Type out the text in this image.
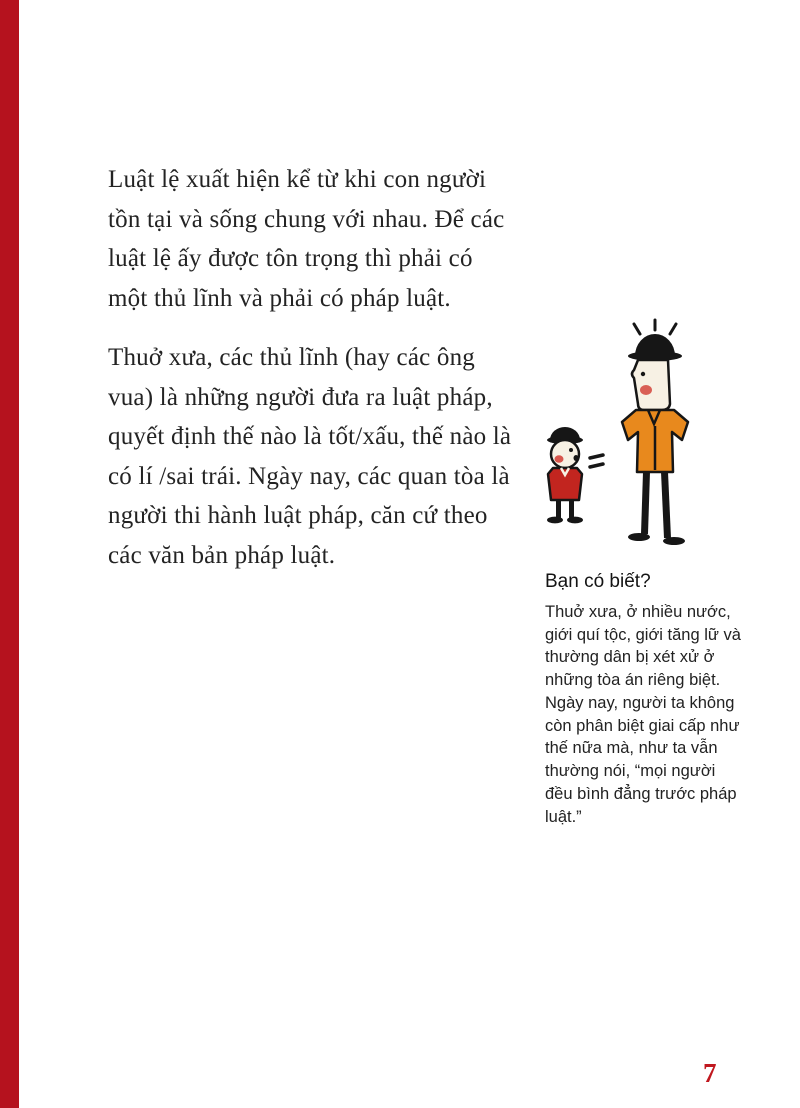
Luật lệ xuất hiện kể từ khi con người tồn tại và sống chung với nhau. Để các luật lệ ấy được tôn trọng thì phải có một thủ lĩnh và phải có pháp luật.

Thuở xưa, các thủ lĩnh (hay các ông vua) là những người đưa ra luật pháp, quyết định thế nào là tốt/xấu, thế nào là có lí /sai trái. Ngày nay, các quan tòa là người thi hành luật pháp, căn cứ theo các văn bản pháp luật.

Bạn có biết?
Thuở xưa, ở nhiều nước, giới quí tộc, giới tăng lữ và thường dân bị xét xử ở những tòa án riêng biệt. Ngày nay, người ta không còn phân biệt giai cấp như thế nữa mà, như ta vẫn thường nói, “mọi người đều bình đẳng trước pháp luật.”
7
